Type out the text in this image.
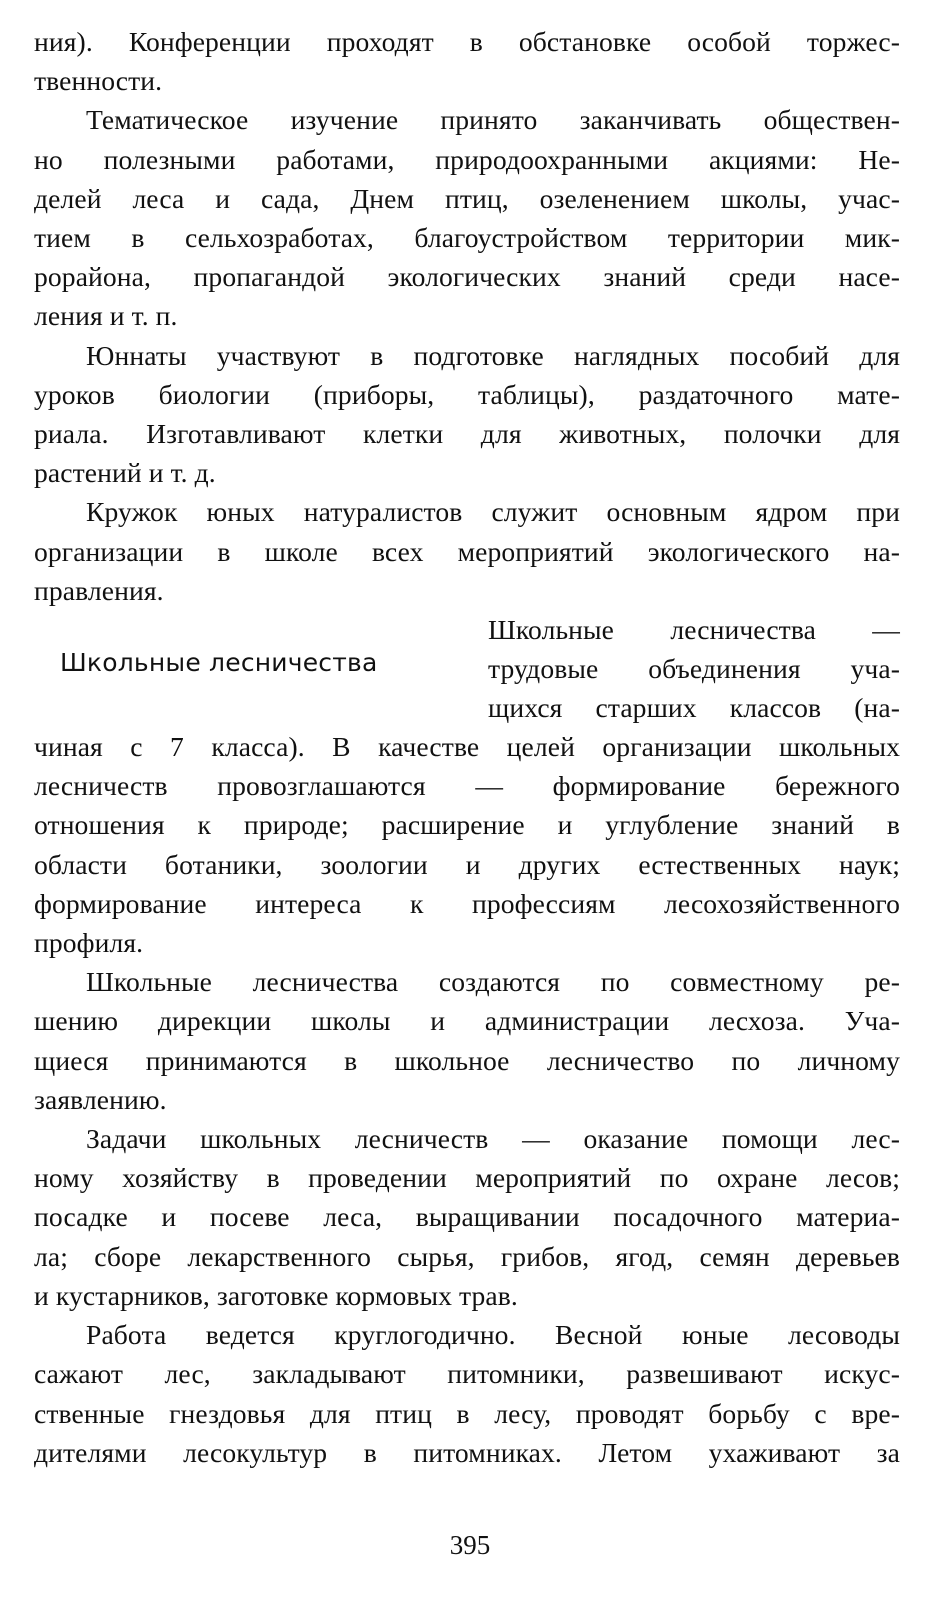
ния). Конференции проходят в обстановке особой торжес-
твенности.
Тематическое изучение принято заканчивать обществен-
но полезными работами, природоохранными акциями: Не-
делей леса и сада, Днем птиц, озеленением школы, учас-
тием в сельхозработах, благоустройством территории мик-
рорайона, пропагандой экологических знаний среди насе-
ления и т. п.
Юннаты участвуют в подготовке наглядных пособий для
уроков биологии (приборы, таблицы), раздаточного мате-
риала. Изготавливают клетки для животных, полочки для
растений и т. д.
Кружок юных натуралистов служит основным ядром при
организации в школе всех мероприятий экологического на-
правления.
Школьные лесничества
Школьные лесничества —
трудовые объединения уча-
щихся старших классов (на-
чиная с 7 класса). В качестве целей организации школьных
лесничеств провозглашаются — формирование бережного
отношения к природе; расширение и углубление знаний в
области ботаники, зоологии и других естественных наук;
формирование интереса к профессиям лесохозяйственного
профиля.
Школьные лесничества создаются по совместному ре-
шению дирекции школы и администрации лесхоза. Уча-
щиеся принимаются в школьное лесничество по личному
заявлению.
Задачи школьных лесничеств — оказание помощи лес-
ному хозяйству в проведении мероприятий по охране лесов;
посадке и посеве леса, выращивании посадочного материа-
ла; сборе лекарственного сырья, грибов, ягод, семян деревьев
и кустарников, заготовке кормовых трав.
Работа ведется круглогодично. Весной юные лесоводы
сажают лес, закладывают питомники, развешивают искус-
ственные гнездовья для птиц в лесу, проводят борьбу с вре-
дителями лесокультур в питомниках. Летом ухаживают за
395
